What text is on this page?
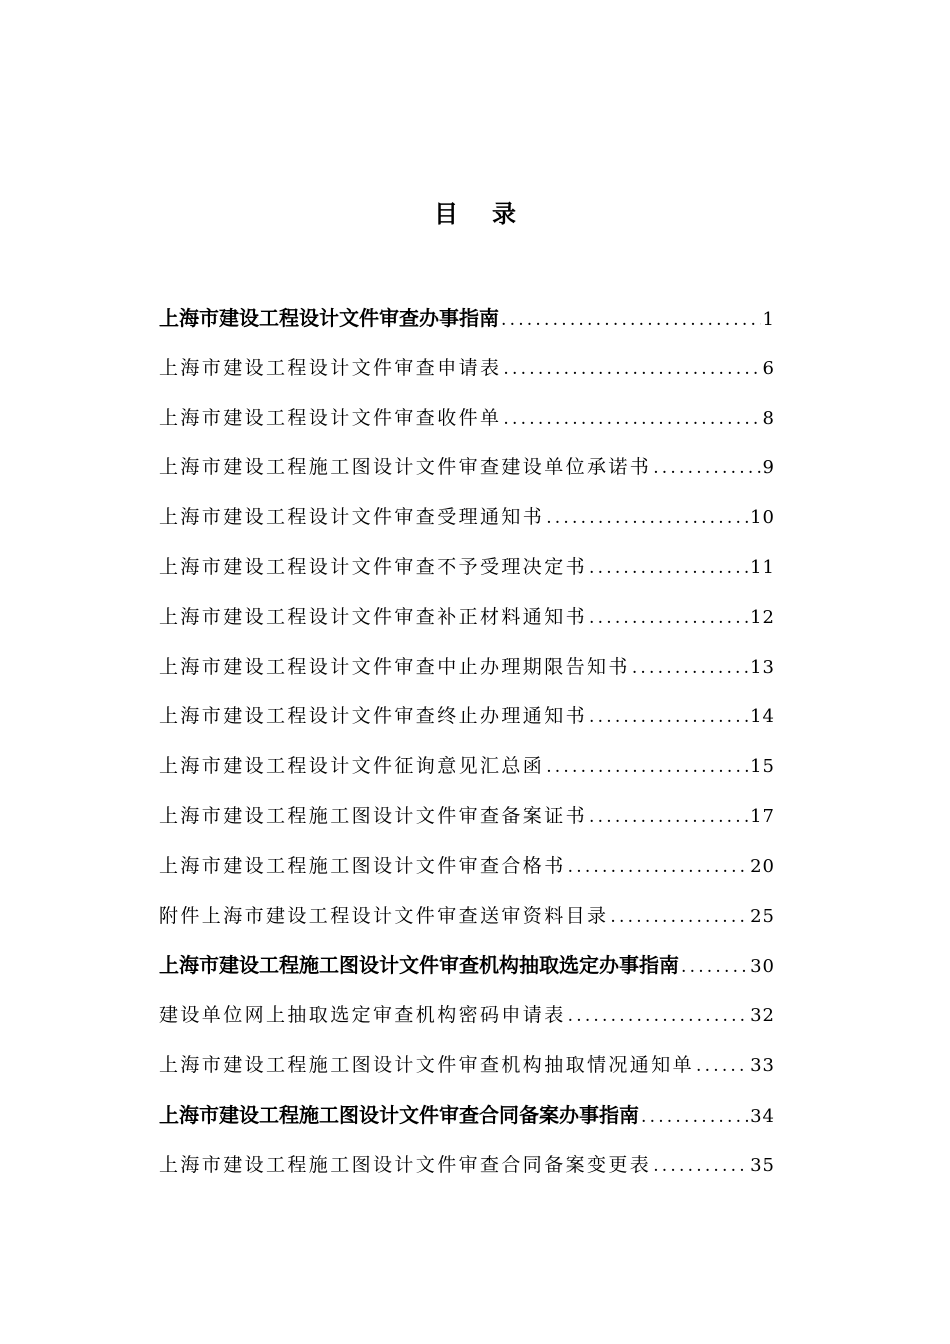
目录
上海市建设工程设计文件审查办事指南 .....	1
上海市建设工程设计文件审查申请表 .....	6
上海市建设工程设计文件审查收件单 .....	8
上海市建设工程施工图设计文件审查建设单位承诺书 .....	9
上海市建设工程设计文件审查受理通知书 .....	10
上海市建设工程设计文件审查不予受理决定书 .....	11
上海市建设工程设计文件审查补正材料通知书 .....	12
上海市建设工程设计文件审查中止办理期限告知书 .....	13
上海市建设工程设计文件审查终止办理通知书 .....	14
上海市建设工程设计文件征询意见汇总函 .....	15
上海市建设工程施工图设计文件审查备案证书 .....	17
上海市建设工程施工图设计文件审查合格书 .....	20
附件上海市建设工程设计文件审查送审资料目录 .....	25
上海市建设工程施工图设计文件审查机构抽取选定办事指南 .....	30
建设单位网上抽取选定审查机构密码申请表 .....	32
上海市建设工程施工图设计文件审查机构抽取情况通知单 .....	33
上海市建设工程施工图设计文件审查合同备案办事指南 .....	34
上海市建设工程施工图设计文件审查合同备案变更表 .....	35
